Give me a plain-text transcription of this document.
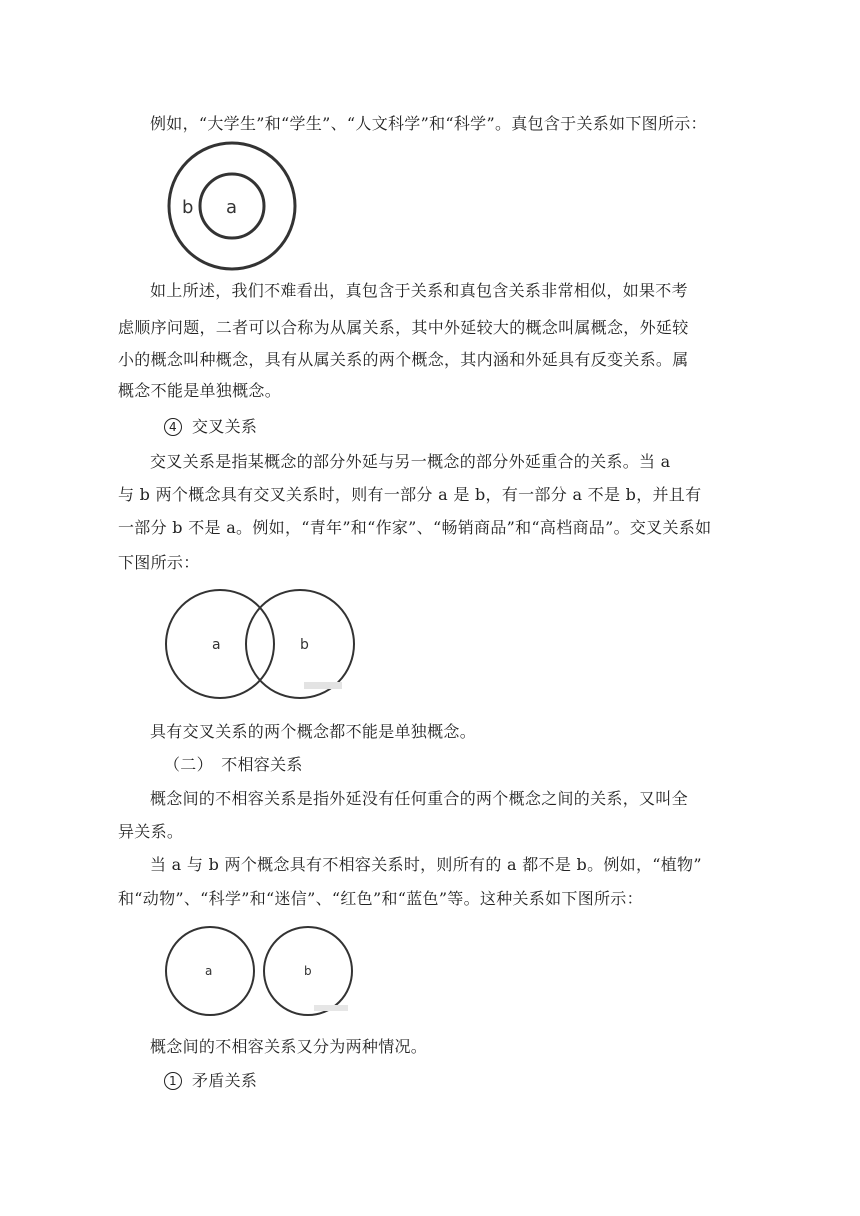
例如，“大学生”和“学生”、“人文科学”和“科学”。真包含于关系如下图所示：
b a
如上所述，我们不难看出，真包含于关系和真包含关系非常相似，如果不考
虑顺序问题，二者可以合称为从属关系，其中外延较大的概念叫属概念，外延较
小的概念叫种概念，具有从属关系的两个概念，其内涵和外延具有反变关系。属
概念不能是单独概念。
4 交叉关系
交叉关系是指某概念的部分外延与另一概念的部分外延重合的关系。当 a
与 b 两个概念具有交叉关系时，则有一部分 a 是 b，有一部分 a 不是 b，并且有
一部分 b 不是 a。例如，“青年”和“作家”、“畅销商品”和“高档商品”。交叉关系如
下图所示：
a	b
具有交叉关系的两个概念都不能是单独概念。
（二）　不相容关系
概念间的不相容关系是指外延没有任何重合的两个概念之间的关系，又叫全
异关系。
当 a 与 b 两个概念具有不相容关系时，则所有的 a 都不是 b。例如，“植物”
和“动物”、“科学”和“迷信”、“红色”和“蓝色”等。这种关系如下图所示：
a	b
概念间的不相容关系又分为两种情况。
1 矛盾关系
